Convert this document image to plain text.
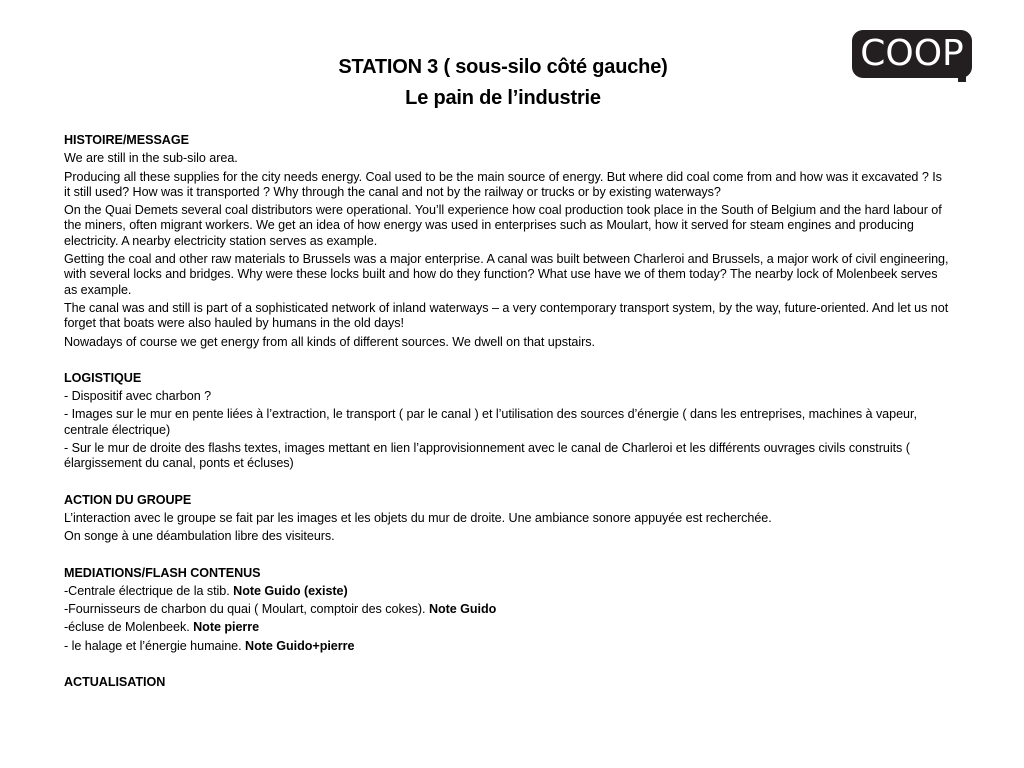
STATION 3 ( sous-silo côté gauche)
Le pain de l’industrie
COOP
HISTOIRE/MESSAGE
We are still in the sub-silo area.
Producing all these supplies for the city needs energy. Coal used to be the main source of energy. But where did coal come from and how was it excavated ? Is it still used? How was it transported ? Why through the canal and not by the railway or trucks or by existing waterways?
On the Quai Demets several coal distributors were operational. You’ll experience how coal production took place in the South of Belgium and the hard labour of the miners, often migrant workers. We get an idea of how energy was used in enterprises such as Moulart, how it served for steam engines and producing electricity. A nearby electricity station serves as example.
Getting the coal and other raw materials to Brussels was a major enterprise. A canal was built between Charleroi and Brussels, a major work of civil engineering, with several locks and bridges. Why were these locks built and how do they function? What use have we of them today? The nearby lock of Molenbeek serves as example.
The canal was and still is part of a sophisticated network of inland waterways – a very contemporary transport system, by the way, future-oriented. And let us not forget that boats were also hauled by humans in the old days!
Nowadays of course we get energy from all kinds of different sources. We dwell on that upstairs.
LOGISTIQUE
- Dispositif avec charbon ?
- Images sur le mur en pente liées à l’extraction, le transport ( par le canal ) et l’utilisation des sources d’énergie ( dans les entreprises, machines à vapeur, centrale électrique)
- Sur le mur de droite des flashs textes, images mettant en lien l’approvisionnement avec le canal de Charleroi et les différents ouvrages civils construits ( élargissement du canal, ponts et écluses)
ACTION DU GROUPE
L’interaction avec le groupe se fait par les images et les objets du mur de droite. Une ambiance sonore appuyée est recherchée.
On songe à une déambulation libre des visiteurs.
MEDIATIONS/FLASH CONTENUS
-Centrale électrique de la stib. Note Guido (existe)
-Fournisseurs de charbon du quai ( Moulart, comptoir des cokes). Note Guido
-écluse de Molenbeek. Note pierre
- le halage et l’énergie humaine. Note Guido+pierre
ACTUALISATION
